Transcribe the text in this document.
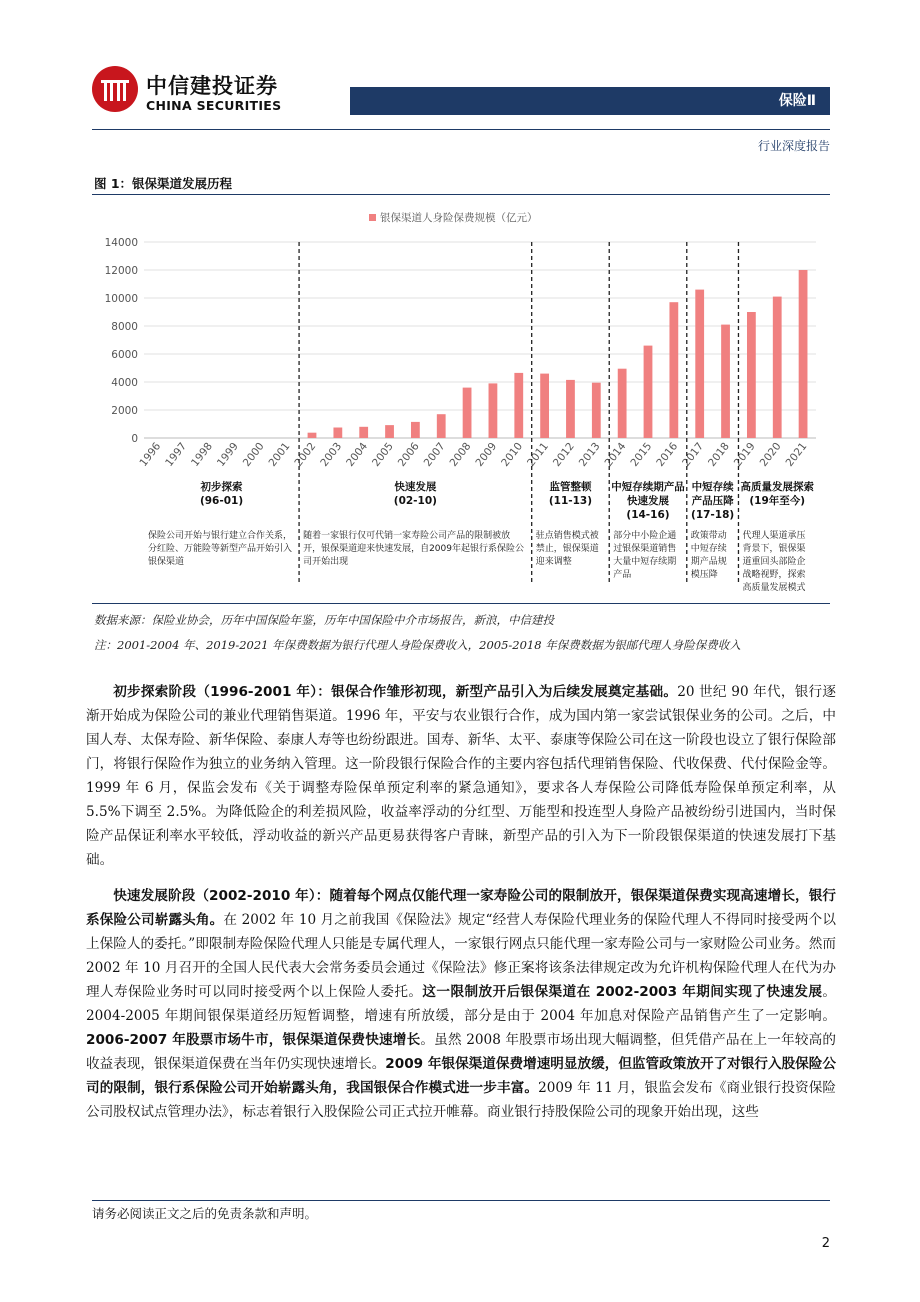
中信建投证券
CHINA SECURITIES	保险Ⅱ
行业深度报告
图 1：银保渠道发展历程
0
2000
4000
6000
8000
10000
12000
14000
1996 1997 1998 1999 2000 2001 2002 2003 2004 2005 2006 2007 2008 2009 2010 2011 2012 2013 2014 2015 2016 2017 2018 2019 2020 2021
银保渠道人身险保费规模（亿元）
初步探索
(96-01)
保险公司开始与银行建立合作关系，分红险、万能险等新型产品开始引入银保渠道
快速发展
(02-10)
随着一家银行仅可代销一家寿险公司产品的限制被放开，银保渠道迎来快速发展，自2009年起银行系保险公司开始出现
监管整顿
(11-13)
驻点销售模式被禁止，银保渠道迎来调整
中短存续期产品快速发展
(14-16)
部分中小险企通过银保渠道销售大量中短存续期产品
中短存续产品压降
(17-18)
政策带动中短存续期产品规模压降
高质量发展探索
(19年至今)
代理人渠道承压背景下，银保渠道重回头部险企战略视野，探索高质量发展模式
数据来源：保险业协会，历年中国保险年鉴，历年中国保险中介市场报告，新浪，中信建投
注：2001-2004 年、2019-2021 年保费数据为银行代理人身险保费收入，2005-2018 年保费数据为银邮代理人身险保费收入
初步探索阶段（1996-2001 年）：银保合作雏形初现，新型产品引入为后续发展奠定基础。20 世纪 90 年代，银行逐渐开始成为保险公司的兼业代理销售渠道。1996 年，平安与农业银行合作，成为国内第一家尝试银保业务的公司。之后，中国人寿、太保寿险、新华保险、泰康人寿等也纷纷跟进。国寿、新华、太平、泰康等保险公司在这一阶段也设立了银行保险部门，将银行保险作为独立的业务纳入管理。这一阶段银行保险合作的主要内容包括代理销售保险、代收保费、代付保险金等。1999 年 6 月，保监会发布《关于调整寿险保单预定利率的紧急通知》，要求各人寿保险公司降低寿险保单预定利率，从 5.5%下调至 2.5%。为降低险企的利差损风险，收益率浮动的分红型、万能型和投连型人身险产品被纷纷引进国内，当时保险产品保证利率水平较低，浮动收益的新兴产品更易获得客户青睐，新型产品的引入为下一阶段银保渠道的快速发展打下基础。
快速发展阶段（2002-2010 年）：随着每个网点仅能代理一家寿险公司的限制放开，银保渠道保费实现高速增长，银行系保险公司崭露头角。在 2002 年 10 月之前我国《保险法》规定“经营人寿保险代理业务的保险代理人不得同时接受两个以上保险人的委托。”即限制寿险保险代理人只能是专属代理人，一家银行网点只能代理一家寿险公司与一家财险公司业务。然而 2002 年 10 月召开的全国人民代表大会常务委员会通过《保险法》修正案将该条法律规定改为允许机构保险代理人在代为办理人寿保险业务时可以同时接受两个以上保险人委托。这一限制放开后银保渠道在 2002-2003 年期间实现了快速发展。2004-2005 年期间银保渠道经历短暂调整，增速有所放缓，部分是由于 2004 年加息对保险产品销售产生了一定影响。2006-2007 年股票市场牛市，银保渠道保费快速增长。虽然 2008 年股票市场出现大幅调整，但凭借产品在上一年较高的收益表现，银保渠道保费在当年仍实现快速增长。2009 年银保渠道保费增速明显放缓，但监管政策放开了对银行入股保险公司的限制，银行系保险公司开始崭露头角，我国银保合作模式进一步丰富。2009 年 11 月，银监会发布《商业银行投资保险公司股权试点管理办法》，标志着银行入股保险公司正式拉开帷幕。商业银行持股保险公司的现象开始出现，这些
请务必阅读正文之后的免责条款和声明。
2
